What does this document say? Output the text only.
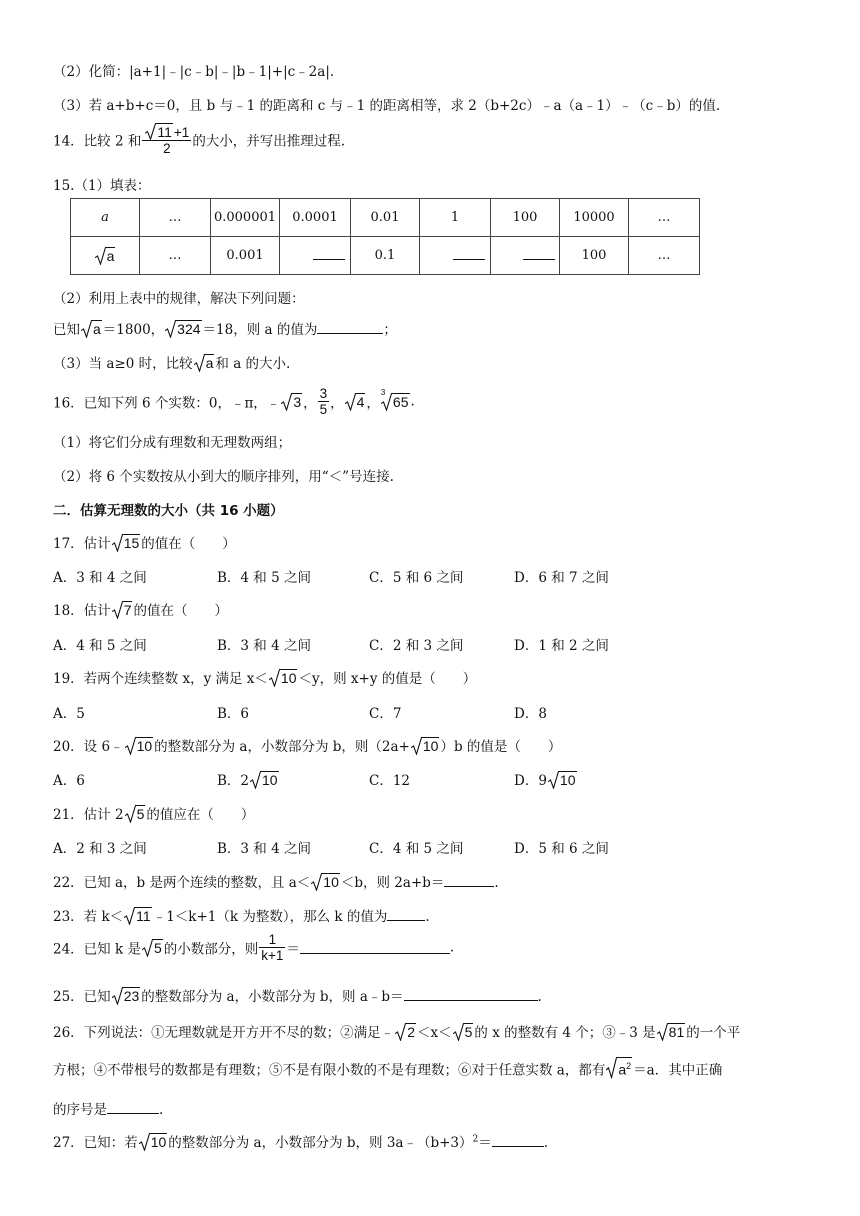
（2）化简：|a+1|﹣|c﹣b|﹣|b﹣1|+|c﹣2a|.
（3）若 a+b+c＝0，且 b 与﹣1 的距离和 c 与﹣1 的距离相等，求 2（b+2c）﹣a（a﹣1）﹣（c﹣b）的值.
14．比较 2 和 $\frac{11 +1}{2}$ 的大小，并写出推理过程.
15.（1）填表：
a	…	0.000001	0.0001	0.01	1	100	10000	…

a	…	0.001		0.1			100	…
（2）利用上表中的规律，解决下列问题：
已知 a ＝1800， 324 ＝18，则 a 的值为	；
（3）当 a≥0 时，比较 a 和 a 的大小.
16．已知下列 6 个实数：0，﹣π，﹣ 3 ， $\frac{3}{5}$ ， 4 ，
3
65 .
（1）将它们分成有理数和无理数两组；
（2）将 6 个实数按从小到大的顺序排列，用“＜”号连接.
二．估算无理数的大小（共 16 小题）
17．估计 15 的值在（　　）
A．3 和 4 之间	B．4 和 5 之间	C．5 和 6 之间	D．6 和 7 之间
18．估计 7 的值在（　　）
A．4 和 5 之间	B．3 和 4 之间	C．2 和 3 之间	D．1 和 2 之间
19．若两个连续整数 x，y 满足 x＜ 10 ＜y，则 x+y 的值是（　　）
A．5	B．6	C．7	D．8
20．设 6﹣ 10 的整数部分为 a，小数部分为 b，则（2a+ 10 ）b 的值是（　　）
A．6	B．2 10	C．12	D．9 10
21．估计 2 5 的值应在（　　）
A．2 和 3 之间	B．3 和 4 之间	C．4 和 5 之间	D．5 和 6 之间
22．已知 a，b 是两个连续的整数，且 a＜ 10 ＜b，则 2a+b＝	.
23．若 k＜ 11 ﹣1＜k+1（k 为整数），那么 k 的值为	.
24．已知 k 是 5 的小数部分，则 $\frac{1}{k+1}$ ＝	.
25．已知 23 的整数部分为 a，小数部分为 b，则 a﹣b＝	.
26．下列说法：①无理数就是开方开不尽的数；②满足﹣ 2 ＜x＜ 5 的 x 的整数有 4 个；③﹣3 是 81 的一个平
方根；④不带根号的数都是有理数；⑤不是有限小数的不是有理数；⑥对于任意实数 a，都有 $a^2 =a$．其中正确
的序号是	.
27．已知：若 10 的整数部分为 a，小数部分为 b，则 $3a﹣(b+3)^2=$	.
